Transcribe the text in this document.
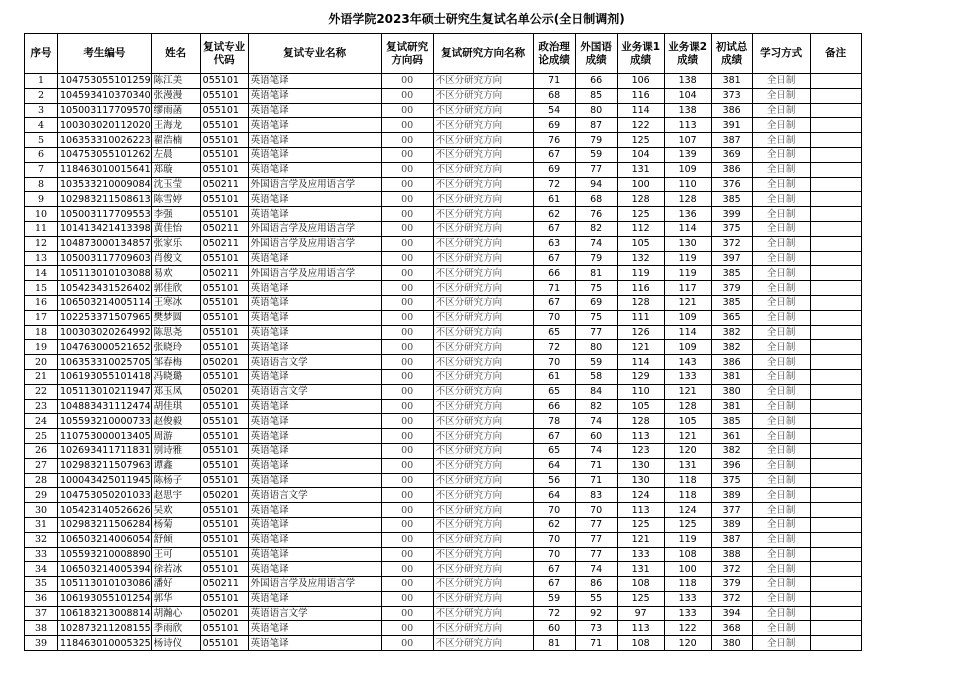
外语学院2023年硕士研究生复试名单公示(全日制调剂)
序号	考生编号	姓名	复试专业代码	复试专业名称	复试研究方向码	复试研究方向名称	政治理论成绩	外国语成绩	业务课1成绩	业务课2成绩	初试总成绩	学习方式	备注
1	104753055101259	陈江美	055101	英语笔译	00	不区分研究方向	71	66	106	138	381	全日制	
2	104593410370340	张漫漫	055101	英语笔译	00	不区分研究方向	68	85	116	104	373	全日制	
3	105003117709570	缪雨菡	055101	英语笔译	00	不区分研究方向	54	80	114	138	386	全日制	
4	100303020112020	王海龙	055101	英语笔译	00	不区分研究方向	69	87	122	113	391	全日制	
5	106353310026223	翟浩楠	055101	英语笔译	00	不区分研究方向	76	79	125	107	387	全日制	
6	104753055101262	左晨	055101	英语笔译	00	不区分研究方向	67	59	104	139	369	全日制	
7	118463010015641	郑璇	055101	英语笔译	00	不区分研究方向	69	77	131	109	386	全日制	
8	103533210009084	沈玉莹	050211	外国语言学及应用语言学	00	不区分研究方向	72	94	100	110	376	全日制	
9	102983211508613	陈雪婷	055101	英语笔译	00	不区分研究方向	61	68	128	128	385	全日制	
10	105003117709553	李强	055101	英语笔译	00	不区分研究方向	62	76	125	136	399	全日制	
11	101413421413398	黄佳怡	050211	外国语言学及应用语言学	00	不区分研究方向	67	82	112	114	375	全日制	
12	104873000134857	张家乐	050211	外国语言学及应用语言学	00	不区分研究方向	63	74	105	130	372	全日制	
13	105003117709603	肖俊文	055101	英语笔译	00	不区分研究方向	67	79	132	119	397	全日制	
14	105113010103088	易欢	050211	外国语言学及应用语言学	00	不区分研究方向	66	81	119	119	385	全日制	
15	105423431526402	郭佳欣	055101	英语笔译	00	不区分研究方向	71	75	116	117	379	全日制	
16	106503214005114	王寒冰	055101	英语笔译	00	不区分研究方向	67	69	128	121	385	全日制	
17	102253371507965	樊梦圆	055101	英语笔译	00	不区分研究方向	70	75	111	109	365	全日制	
18	100303020264992	陈思尧	055101	英语笔译	00	不区分研究方向	65	77	126	114	382	全日制	
19	104763000521652	张晓玲	055101	英语笔译	00	不区分研究方向	72	80	121	109	382	全日制	
20	106353310025705	邹春梅	050201	英语语言文学	00	不区分研究方向	70	59	114	143	386	全日制	
21	106193055101418	冯晓璐	055101	英语笔译	00	不区分研究方向	61	58	129	133	381	全日制	
22	105113010211947	郑玉凤	050201	英语语言文学	00	不区分研究方向	65	84	110	121	380	全日制	
23	104883431112474	胡佳琪	055101	英语笔译	00	不区分研究方向	66	82	105	128	381	全日制	
24	105593210000733	赵俊毅	055101	英语笔译	00	不区分研究方向	78	74	128	105	385	全日制	
25	110753000013405	周游	055101	英语笔译	00	不区分研究方向	67	60	113	121	361	全日制	
26	102693411711831	别诗雅	055101	英语笔译	00	不区分研究方向	65	74	123	120	382	全日制	
27	102983211507963	谭鑫	055101	英语笔译	00	不区分研究方向	64	71	130	131	396	全日制	
28	100043425011945	陈杨子	055101	英语笔译	00	不区分研究方向	56	71	130	118	375	全日制	
29	104753050201033	赵思宇	050201	英语语言文学	00	不区分研究方向	64	83	124	118	389	全日制	
30	105423140526626	吴欢	055101	英语笔译	00	不区分研究方向	70	70	113	124	377	全日制	
31	102983211506284	杨菊	055101	英语笔译	00	不区分研究方向	62	77	125	125	389	全日制	
32	106503214006054	舒倾	055101	英语笔译	00	不区分研究方向	70	77	121	119	387	全日制	
33	105593210008890	王可	055101	英语笔译	00	不区分研究方向	70	77	133	108	388	全日制	
34	106503214005394	徐若冰	055101	英语笔译	00	不区分研究方向	67	74	131	100	372	全日制	
35	105113010103086	潘好	050211	外国语言学及应用语言学	00	不区分研究方向	67	86	108	118	379	全日制	
36	106193055101254	郭华	055101	英语笔译	00	不区分研究方向	59	55	125	133	372	全日制	
37	106183213008814	胡瀚心	050201	英语语言文学	00	不区分研究方向	72	92	97	133	394	全日制	
38	102873211208155	季雨欣	055101	英语笔译	00	不区分研究方向	60	73	113	122	368	全日制	
39	118463010005325	杨诗仪	055101	英语笔译	00	不区分研究方向	81	71	108	120	380	全日制	
